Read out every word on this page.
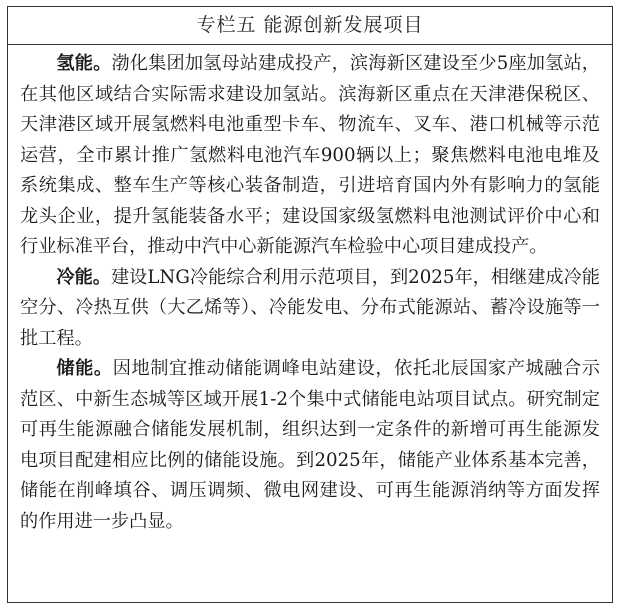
专栏五 能源创新发展项目

氢能。渤化集团加氢母站建成投产，滨海新区建设至少5座加氢站，在其他区域结合实际需求建设加氢站。滨海新区重点在天津港保税区、天津港区域开展氢燃料电池重型卡车、物流车、叉车、港口机械等示范运营，全市累计推广氢燃料电池汽车900辆以上；聚焦燃料电池电堆及系统集成、整车生产等核心装备制造，引进培育国内外有影响力的氢能龙头企业，提升氢能装备水平；建设国家级氢燃料电池测试评价中心和行业标准平台，推动中汽中心新能源汽车检验中心项目建成投产。

冷能。建设LNG冷能综合利用示范项目，到2025年，相继建成冷能空分、冷热互供（大乙烯等）、冷能发电、分布式能源站、蓄冷设施等一批工程。

储能。因地制宜推动储能调峰电站建设，依托北辰国家产城融合示范区、中新生态城等区域开展1-2个集中式储能电站项目试点。研究制定可再生能源融合储能发展机制，组织达到一定条件的新增可再生能源发电项目配建相应比例的储能设施。到2025年，储能产业体系基本完善，储能在削峰填谷、调压调频、微电网建设、可再生能源消纳等方面发挥的作用进一步凸显。
